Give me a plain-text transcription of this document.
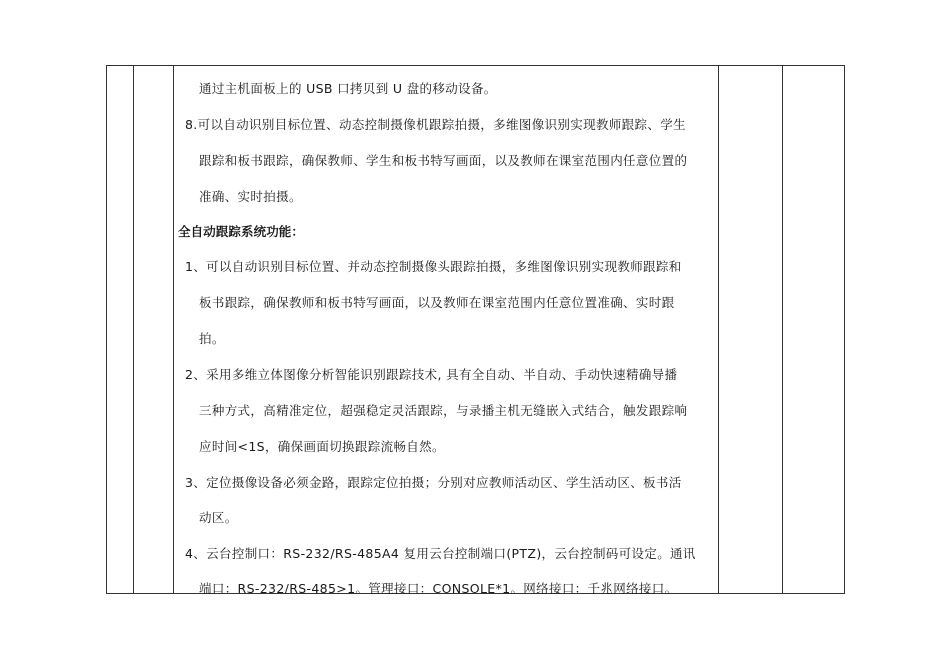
通过主机面板上的 USB 口拷贝到 U 盘的移动设备。
8.可以自动识别目标位置、动态控制摄像机跟踪拍摄，多维图像识别实现教师跟踪、学生
跟踪和板书跟踪，确保教师、学生和板书特写画面，以及教师在课室范围内任意位置的
准确、实时拍摄。
全自动跟踪系统功能：
1、可以自动识别目标位置、并动态控制摄像头跟踪拍摄，多维图像识别实现教师跟踪和
板书跟踪，确保教师和板书特写画面，以及教师在课室范围内任意位置准确、实时跟
拍。
2、采用多维立体图像分析智能识别跟踪技术, 具有全自动、半自动、手动快速精确导播
三种方式，高精准定位，超强稳定灵活跟踪，与录播主机无缝嵌入式结合，触发跟踪响
应时间<1S，确保画面切换跟踪流畅自然。
3、定位摄像设备必须金路，跟踪定位拍摄；分别对应教师活动区、学生活动区、板书活
动区。
4、云台控制口：RS-232/RS-485A4 复用云台控制端口(PTZ)，云台控制码可设定。通讯
端口：RS-232/RS-485>1。管理接口：CONSOLE*1。网络接口：千兆网络接口。
